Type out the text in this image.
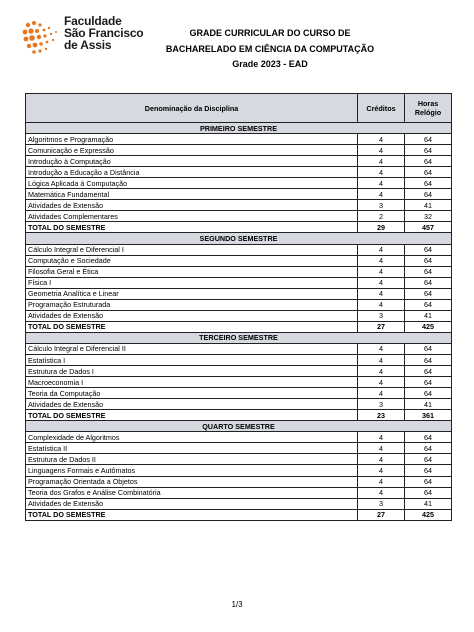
Faculdade
São Francisco
de Assis
GRADE CURRICULAR DO CURSO DE
BACHARELADO EM CIÊNCIA DA COMPUTAÇÃO
Grade 2023 - EAD
Denominação da Disciplina	Créditos	Horas Relógio
PRIMEIRO SEMESTRE		
Algoritmos e Programação	4	64
Comunicação e Expressão	4	64
Introdução à Computação	4	64
Introdução a Educação a Distância	4	64
Lógica Aplicada à Computação	4	64
Matemática Fundamental	4	64
Atividades de Extensão	3	41
Atividades Complementares	2	32
TOTAL DO SEMESTRE	29	457
SEGUNDO SEMESTRE		
Cálculo Integral e Diferencial I	4	64
Computação e Sociedade	4	64
Filosofia Geral e Ética	4	64
Física I	4	64
Geometria Analítica e Linear	4	64
Programação Estruturada	4	64
Atividades de Extensão	3	41
TOTAL DO SEMESTRE	27	425
TERCEIRO SEMESTRE		
Cálculo Integral e Diferencial II	4	64
Estatística I	4	64
Estrutura de Dados I	4	64
Macroeconomia I	4	64
Teoria da Computação	4	64
Atividades de Extensão	3	41
TOTAL DO SEMESTRE	23	361
QUARTO SEMESTRE		
Complexidade de Algoritmos	4	64
Estatística II	4	64
Estrutura de Dados II	4	64
Linguagens Formais e Autômatos	4	64
Programação Orientada a Objetos	4	64
Teoria dos Grafos e Análise Combinatória	4	64
Atividades de Extensão	3	41
TOTAL DO SEMESTRE	27	425
1/3
